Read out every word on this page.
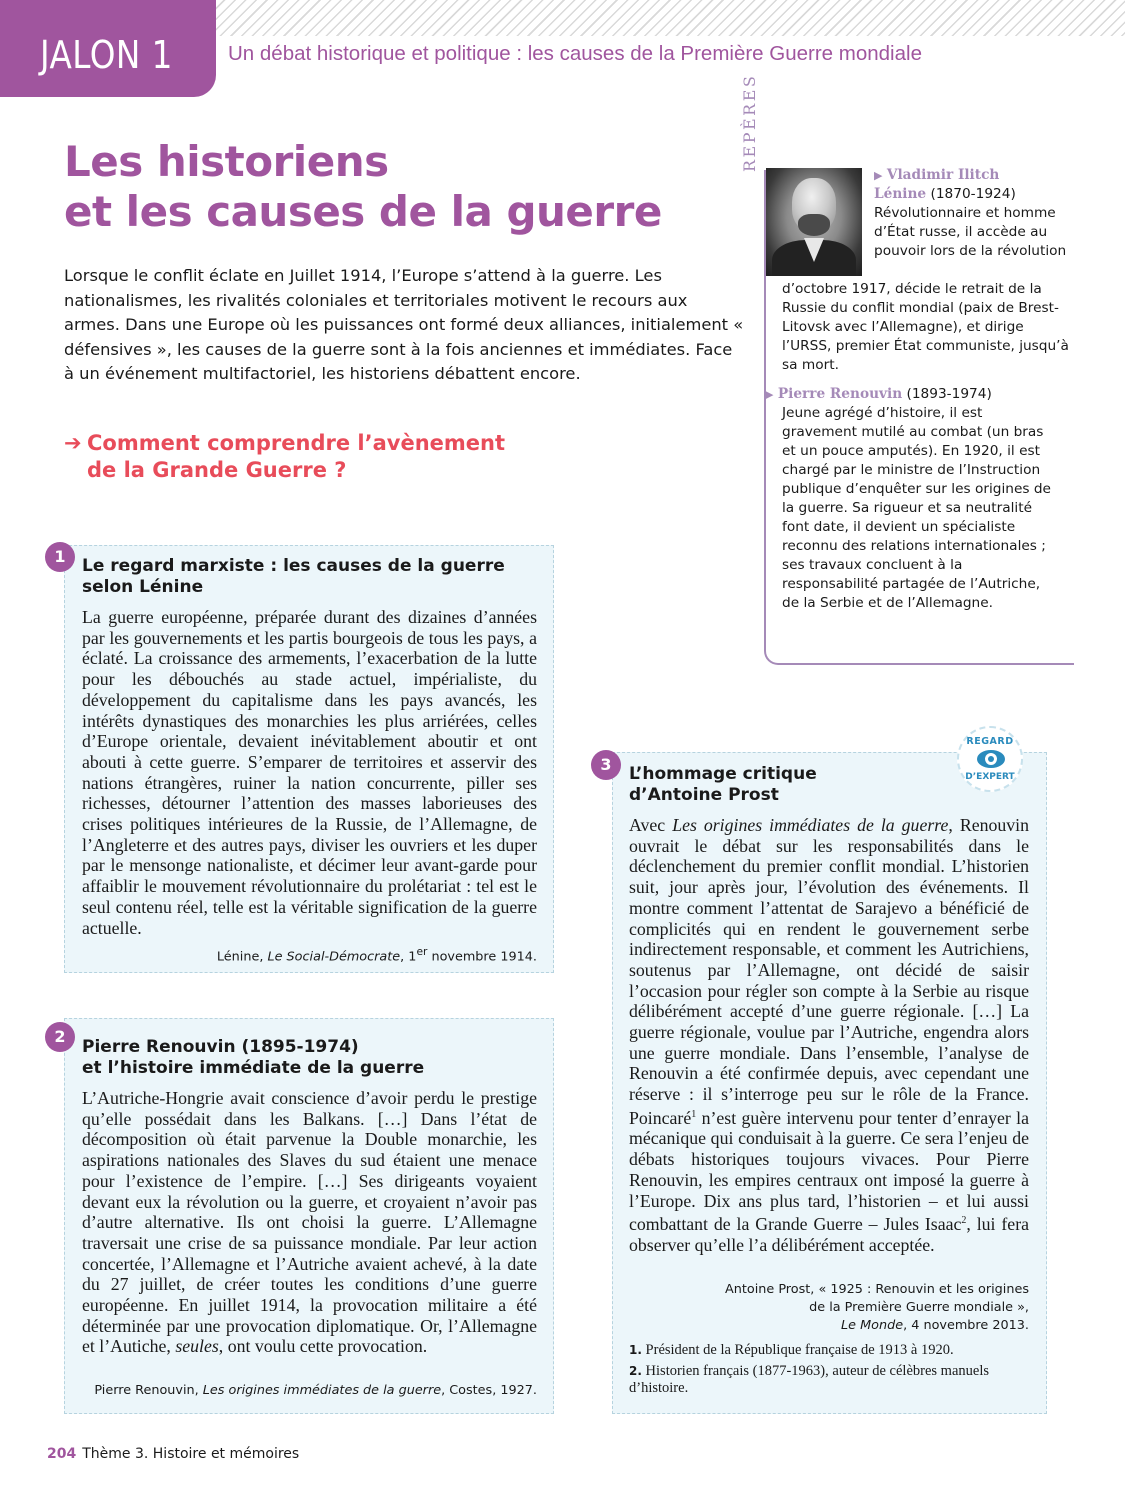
JALON 1	Un débat historique et politique : les causes de la Première Guerre mondiale
Les historiens
et les causes de la guerre

Lorsque le conflit éclate en Juillet 1914, l’Europe s’attend à la guerre. Les nationalismes, les rivalités coloniales et territoriales motivent le recours aux armes. Dans une Europe où les puissances ont formé deux alliances, initialement « défensives », les causes de la guerre sont à la fois anciennes et immédiates. Face à un événement multifactoriel, les historiens débattent encore.

➔ Comment comprendre l’avènement
de la Grande Guerre ?
REPÈRES
▶ Vladimir Ilitch
Lénine (1870-1924)
Révolutionnaire et homme d’État russe, il accède au pouvoir lors de la révolution
d’octobre 1917, décide le retrait de la Russie du conflit mondial (paix de Brest-Litovsk avec l’Allemagne), et dirige l’URSS, premier État communiste, jusqu’à sa mort.
▶ Pierre Renouvin (1893-1974)
Jeune agrégé d’histoire, il est gravement mutilé au combat (un bras et un pouce amputés). En 1920, il est chargé par le ministre de l’Instruction publique d’enquêter sur les origines de la guerre. Sa rigueur et sa neutralité font date, il devient un spécialiste reconnu des relations internationales ; ses travaux concluent à la responsabilité partagée de l’Autriche, de la Serbie et de l’Allemagne.
1 Le regard marxiste : les causes de la guerre
selon Lénine
La guerre européenne, préparée durant des dizaines d’années par les gouvernements et les partis bourgeois de tous les pays, a éclaté. La croissance des armements, l’exacerbation de la lutte pour les débouchés au stade actuel, impérialiste, du développement du capitalisme dans les pays avancés, les intérêts dynastiques des monarchies les plus arriérées, celles d’Europe orientale, devaient inévitablement aboutir et ont abouti à cette guerre. S’emparer de territoires et asservir des nations étrangères, ruiner la nation concurrente, piller ses richesses, détourner l’attention des masses laborieuses des crises politiques intérieures de la Russie, de l’Allemagne, de l’Angleterre et des autres pays, diviser les ouvriers et les duper par le mensonge nationaliste, et décimer leur avant-garde pour affaiblir le mouvement révolutionnaire du prolétariat : tel est le seul contenu réel, telle est la véritable signification de la guerre actuelle.
Lénine, Le Social-Démocrate, 1er novembre 1914.
2
Pierre Renouvin (1895-1974)
et l’histoire immédiate de la guerre
L’Autriche-Hongrie avait conscience d’avoir perdu le prestige qu’elle possédait dans les Balkans. […] Dans l’état de décomposition où était parvenue la Double monarchie, les aspirations nationales des Slaves du sud étaient une menace pour l’existence de l’empire. […] Ses dirigeants voyaient devant eux la révolution ou la guerre, et croyaient n’avoir pas d’autre alternative. Ils ont choisi la guerre. L’Allemagne traversait une crise de sa puissance mondiale. Par leur action concertée, l’Allemagne et l’Autriche avaient achevé, à la date du 27 juillet, de créer toutes les conditions d’une guerre européenne. En juillet 1914, la provocation militaire a été déterminée par une provocation diplomatique. Or, l’Allemagne et l’Autiche, seules, ont voulu cette provocation.
Pierre Renouvin, Les origines immédiates de la guerre, Costes, 1927.
3
REGARD
D’EXPERT
L’hommage critique
d’Antoine Prost
Avec Les origines immédiates de la guerre, Renouvin ouvrait le débat sur les responsabilités dans le déclenchement du premier conflit mondial. L’historien suit, jour après jour, l’évolution des événements. Il montre comment l’attentat de Sarajevo a bénéficié de complicités qui en rendent le gouvernement serbe indirectement responsable, et comment les Autrichiens, soutenus par l’Allemagne, ont décidé de saisir l’occasion pour régler son compte à la Serbie au risque délibérément accepté d’une guerre régionale. […] La guerre régionale, voulue par l’Autriche, engendra alors une guerre mondiale. Dans l’ensemble, l’analyse de Renouvin a été confirmée depuis, avec cependant une réserve : il s’interroge peu sur le rôle de la France. Poincaré$^1$ n’est guère intervenu pour tenter d’enrayer la mécanique qui conduisait à la guerre. Ce sera l’enjeu de débats historiques toujours vivaces. Pour Pierre Renouvin, les empires centraux ont imposé la guerre à l’Europe. Dix ans plus tard, l’historien – et lui aussi combattant de la Grande Guerre – Jules Isaac$^2$, lui fera observer qu’elle l’a délibérément acceptée.
Antoine Prost, « 1925 : Renouvin et les origines
de la Première Guerre mondiale »,
Le Monde, 4 novembre 2013.
1. Président de la République française de 1913 à 1920.
2. Historien français (1877-1963), auteur de célèbres manuels d’histoire.
204 Thème 3. Histoire et mémoires
